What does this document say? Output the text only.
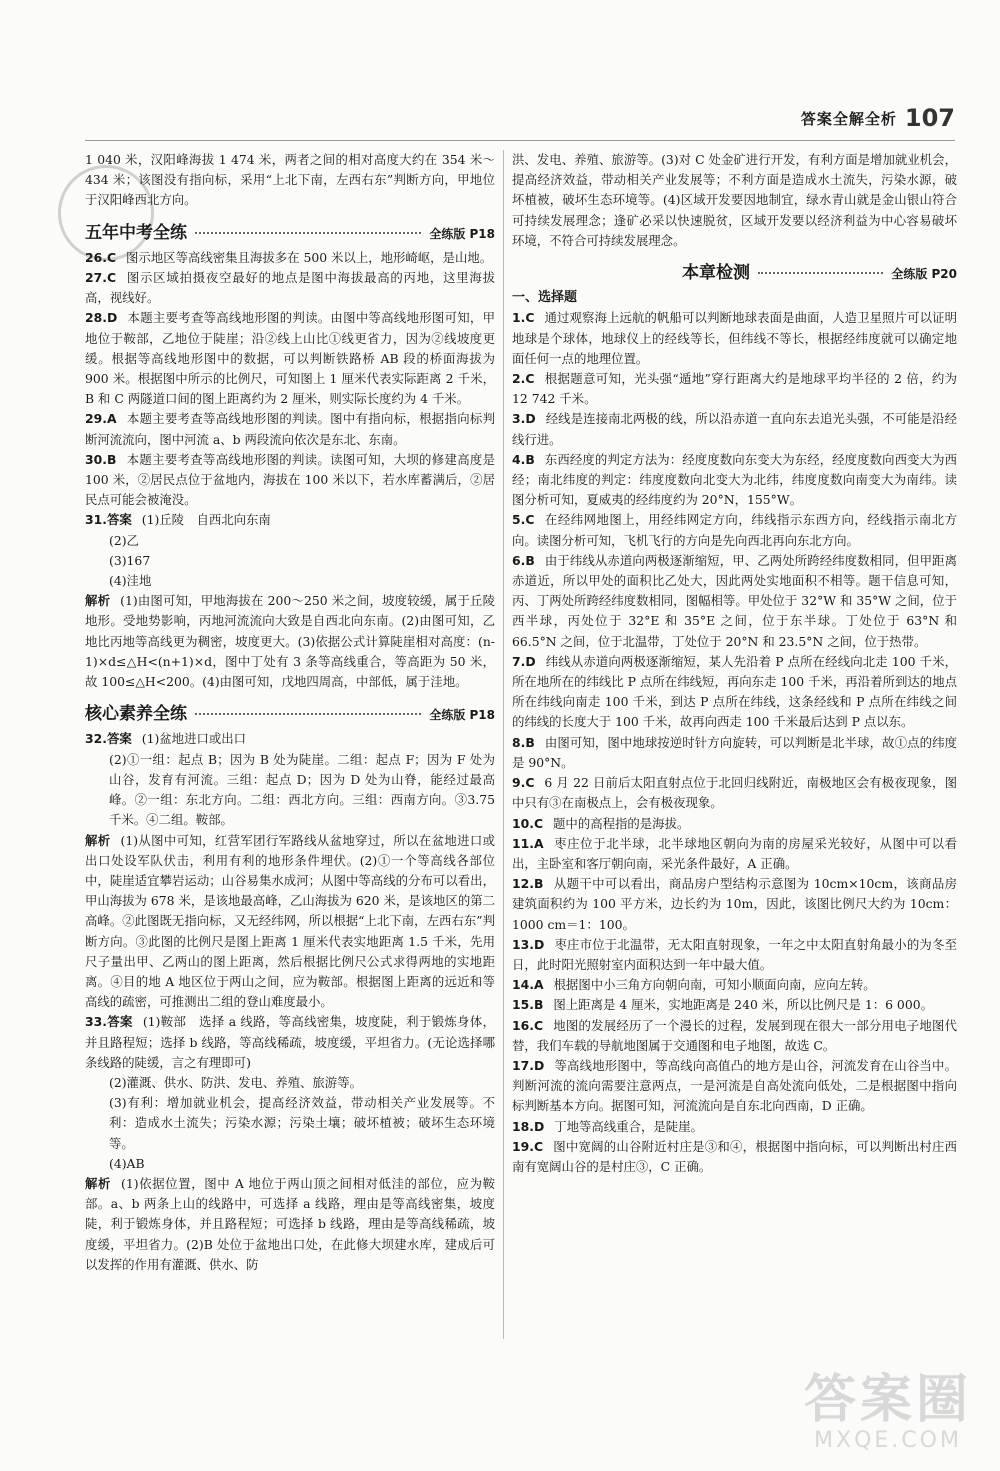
答案全解全析 107

1 040 米，汉阳峰海拔 1 474 米，两者之间的相对高度大约在 354 米～434 米；该图没有指向标，采用“上北下南，左西右东”判断方向，甲地位于汉阳峰西北方向。

五年中考全练	全练版 P18

26.C 图示地区等高线密集且海拔多在 500 米以上，地形崎岖，是山地。

27.C 图示区域拍摄夜空最好的地点是图中海拔最高的丙地，这里海拔高，视线好。

28.D 本题主要考查等高线地形图的判读。由图中等高线地形图可知，甲地位于鞍部，乙地位于陡崖；沿②线上山比①线更省力，因为②线坡度更缓。根据等高线地形图中的数据，可以判断铁路桥 AB 段的桥面海拔为 900 米。根据图中所示的比例尺，可知图上 1 厘米代表实际距离 2 千米，B 和 C 两隧道口间的图上距离约为 2 厘米，则实际长度约为 4 千米。

29.A 本题主要考查等高线地形图的判读。图中有指向标，根据指向标判断河流流向，图中河流 a、b 两段流向依次是东北、东南。

30.B 本题主要考查等高线地形图的判读。读图可知，大坝的修建高度是 100 米，②居民点位于盆地内，海拔在 100 米以下，若水库蓄满后，②居民点可能会被淹没。

31.答案 (1)丘陵　自西北向东南

(2)乙

(3)167

(4)洼地

解析 (1)由图可知，甲地海拔在 200～250 米之间，坡度较缓，属于丘陵地形。受地势影响，丙地河流流向大致是自西北向东南。(2)由图可知，乙地比丙地等高线更为稠密，坡度更大。(3)依据公式计算陡崖相对高度：(n-1)×d≤△H<(n+1)×d，图中丁处有 3 条等高线重合，等高距为 50 米，故 100≤△H<200。(4)由图可知，戊地四周高，中部低，属于洼地。

核心素养全练	全练版 P18

32.答案 (1)盆地进口或出口

(2)①一组：起点 B；因为 B 处为陡崖。二组：起点 F；因为 F 处为山谷，发育有河流。三组：起点 D；因为 D 处为山脊，能经过最高峰。②一组：东北方向。二组：西北方向。三组：西南方向。③3.75 千米。④二组。鞍部。

解析 (1)从图中可知，红营军团行军路线从盆地穿过，所以在盆地进口或出口处设军队伏击，利用有利的地形条件埋伏。(2)①一个等高线各部位中，陡崖适宜攀岩运动；山谷易集水成河；从图中等高线的分布可以看出，甲山海拔为 678 米，是该地最高峰，乙山海拔为 620 米，是该地区的第二高峰。②此图既无指向标，又无经纬网，所以根据“上北下南，左西右东”判断方向。③此图的比例尺是图上距离 1 厘米代表实地距离 1.5 千米，先用尺子量出甲、乙两山的图上距离，然后根据比例尺公式求得两地的实地距离。④目的地 A 地区位于两山之间，应为鞍部。根据图上距离的远近和等高线的疏密，可推测出二组的登山难度最小。

33.答案 (1)鞍部　选择 a 线路，等高线密集，坡度陡，利于锻炼身体，并且路程短；选择 b 线路，等高线稀疏，坡度缓，平坦省力。(无论选择哪条线路的陡缓，言之有理即可)

(2)灌溉、供水、防洪、发电、养殖、旅游等。

(3)有利：增加就业机会，提高经济效益，带动相关产业发展等。不利：造成水土流失；污染水源；污染土壤；破坏植被；破坏生态环境等。

(4)AB

解析 (1)依据位置，图中 A 地位于两山顶之间相对低洼的部位，应为鞍部。a、b 两条上山的线路中，可选择 a 线路，理由是等高线密集，坡度陡，利于锻炼身体，并且路程短；可选择 b 线路，理由是等高线稀疏，坡度缓，平坦省力。(2)B 处位于盆地出口处，在此修大坝建水库，建成后可以发挥的作用有灌溉、供水、防

洪、发电、养殖、旅游等。(3)对 C 处金矿进行开发，有利方面是增加就业机会，提高经济效益，带动相关产业发展等；不利方面是造成水土流失，污染水源，破坏植被，破坏生态环境等。(4)区域开发要因地制宜，绿水青山就是金山银山符合可持续发展理念；逢矿必采以快速脱贫，区域开发要以经济利益为中心容易破坏环境，不符合可持续发展理念。

本章检测	全练版 P20

一、选择题

1.C 通过观察海上远航的帆船可以判断地球表面是曲面，人造卫星照片可以证明地球是个球体，地球仪上的经线等长，但纬线不等长，根据经纬度就可以确定地面任何一点的地理位置。

2.C 根据题意可知，光头强“遁地”穿行距离大约是地球平均半径的 2 倍，约为 12 742 千米。

3.D 经线是连接南北两极的线，所以沿赤道一直向东去追光头强，不可能是沿经线行进。

4.B 东西经度的判定方法为：经度度数向东变大为东经，经度度数向西变大为西经；南北纬度的判定：纬度度数向北变大为北纬，纬度度数向南变大为南纬。读图分析可知，夏威夷的经纬度约为 20°N，155°W。

5.C 在经纬网地图上，用经纬网定方向，纬线指示东西方向，经线指示南北方向。读图分析可知，飞机飞行的方向是先向西北再向东北方向。

6.B 由于纬线从赤道向两极逐渐缩短，甲、乙两处所跨经纬度数相同，但甲距离赤道近，所以甲处的面积比乙处大，因此两处实地面积不相等。题干信息可知，丙、丁两处所跨经纬度数相同，图幅相等。甲处位于 32°W 和 35°W 之间，位于西半球，丙处位于 32°E 和 35°E 之间，位于东半球。丁处位于 63°N 和 66.5°N 之间，位于北温带，丁处位于 20°N 和 23.5°N 之间，位于热带。

7.D 纬线从赤道向两极逐渐缩短，某人先沿着 P 点所在经线向北走 100 千米，所在地所在的纬线比 P 点所在纬线短，再向东走 100 千米，再沿着所到达的地点所在纬线向南走 100 千米，到达 P 点所在纬线，这条经线和 P 点所在纬线之间的纬线的长度大于 100 千米，故再向西走 100 千米最后达到 P 点以东。

8.B 由图可知，图中地球按逆时针方向旋转，可以判断是北半球，故①点的纬度是 90°N。

9.C 6 月 22 日前后太阳直射点位于北回归线附近，南极地区会有极夜现象，图中只有③在南极点上，会有极夜现象。

10.C 题中的高程指的是海拔。

11.A 枣庄位于北半球，北半球地区朝向为南的房屋采光较好，从图中可以看出，主卧室和客厅朝向南，采光条件最好，A 正确。

12.B 从题干中可以看出，商品房户型结构示意图为 10cm×10cm，该商品房建筑面积约为 100 平方米，边长约为 10m，因此，该图比例尺大约为 10cm：1000 cm＝1：100。

13.D 枣庄市位于北温带，无太阳直射现象，一年之中太阳直射角最小的为冬至日，此时阳光照射室内面积达到一年中最大值。

14.A 根据图中小三角方向朝向南，可知小顺面向南，应向左转。

15.B 图上距离是 4 厘米，实地距离是 240 米，所以比例尺是 1：6 000。

16.C 地图的发展经历了一个漫长的过程，发展到现在很大一部分用电子地图代替，我们车载的导航地图属于交通图和电子地图，故选 C。

17.D 等高线地形图中，等高线向高值凸的地方是山谷，河流发育在山谷当中。判断河流的流向需要注意两点，一是河流是自高处流向低处，二是根据图中指向标判断基本方向。据图可知，河流流向是自东北向西南，D 正确。

18.D 丁地等高线重合，是陡崖。

19.C 图中宽阔的山谷附近村庄是③和④，根据图中指向标，可以判断出村庄西南有宽阔山谷的是村庄③，C 正确。

答案圈
MXQE.COM
